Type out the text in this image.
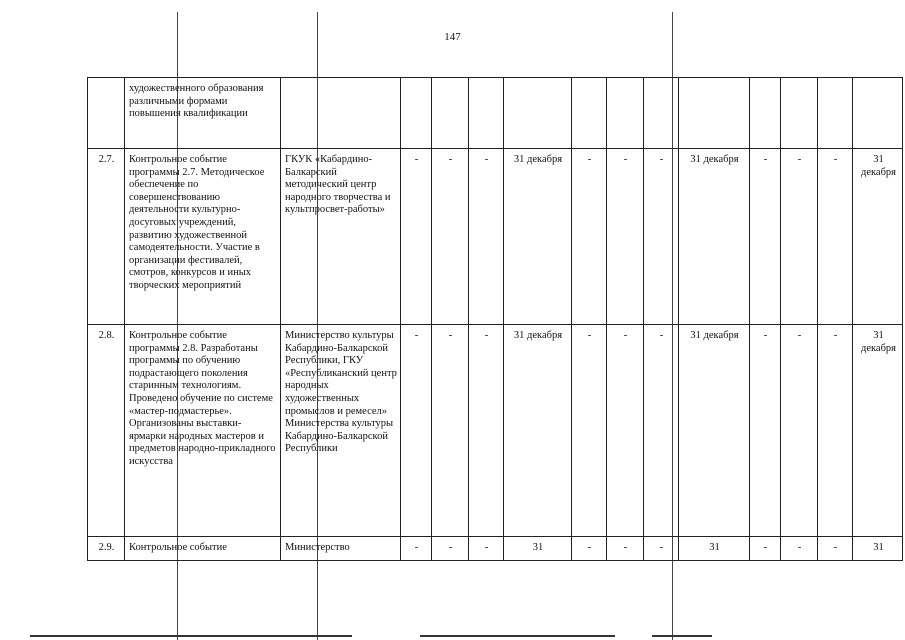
147
	художественного образования различными формами повышения квалификации													
2.7.	Контрольное событие программы 2.7. Методическое обеспечение по совершенствованию деятельности культурно-досуговых учреждений, развитию художественной самодеятельности. Участие в организации фестивалей, смотров, конкурсов и иных творческих мероприятий	ГКУК «Кабардино-Балкарский методический центр народного творчества и культпросвет-работы»	-	-	-	31 декабря	-	-	-	31 декабря	-	-	-	31 декабря
2.8.	Контрольное событие программы 2.8. Разработаны программы по обучению подрастающего поколения старинным технологиям. Проведено обучение по системе «мастер-подмастерье». Организованы выставки-ярмарки народных мастеров и предметов народно-прикладного искусства	Министерство культуры Кабардино-Балкарской Республики, ГКУ «Республиканский центр народных художественных промыслов и ремесел» Министерства культуры Кабардино-Балкарской Республики	-	-	-	31 декабря	-	-	-	31 декабря	-	-	-	31 декабря
2.9.	Контрольное событие	Министерство	-	-	-	31	-	-	-	31	-	-	-	31
